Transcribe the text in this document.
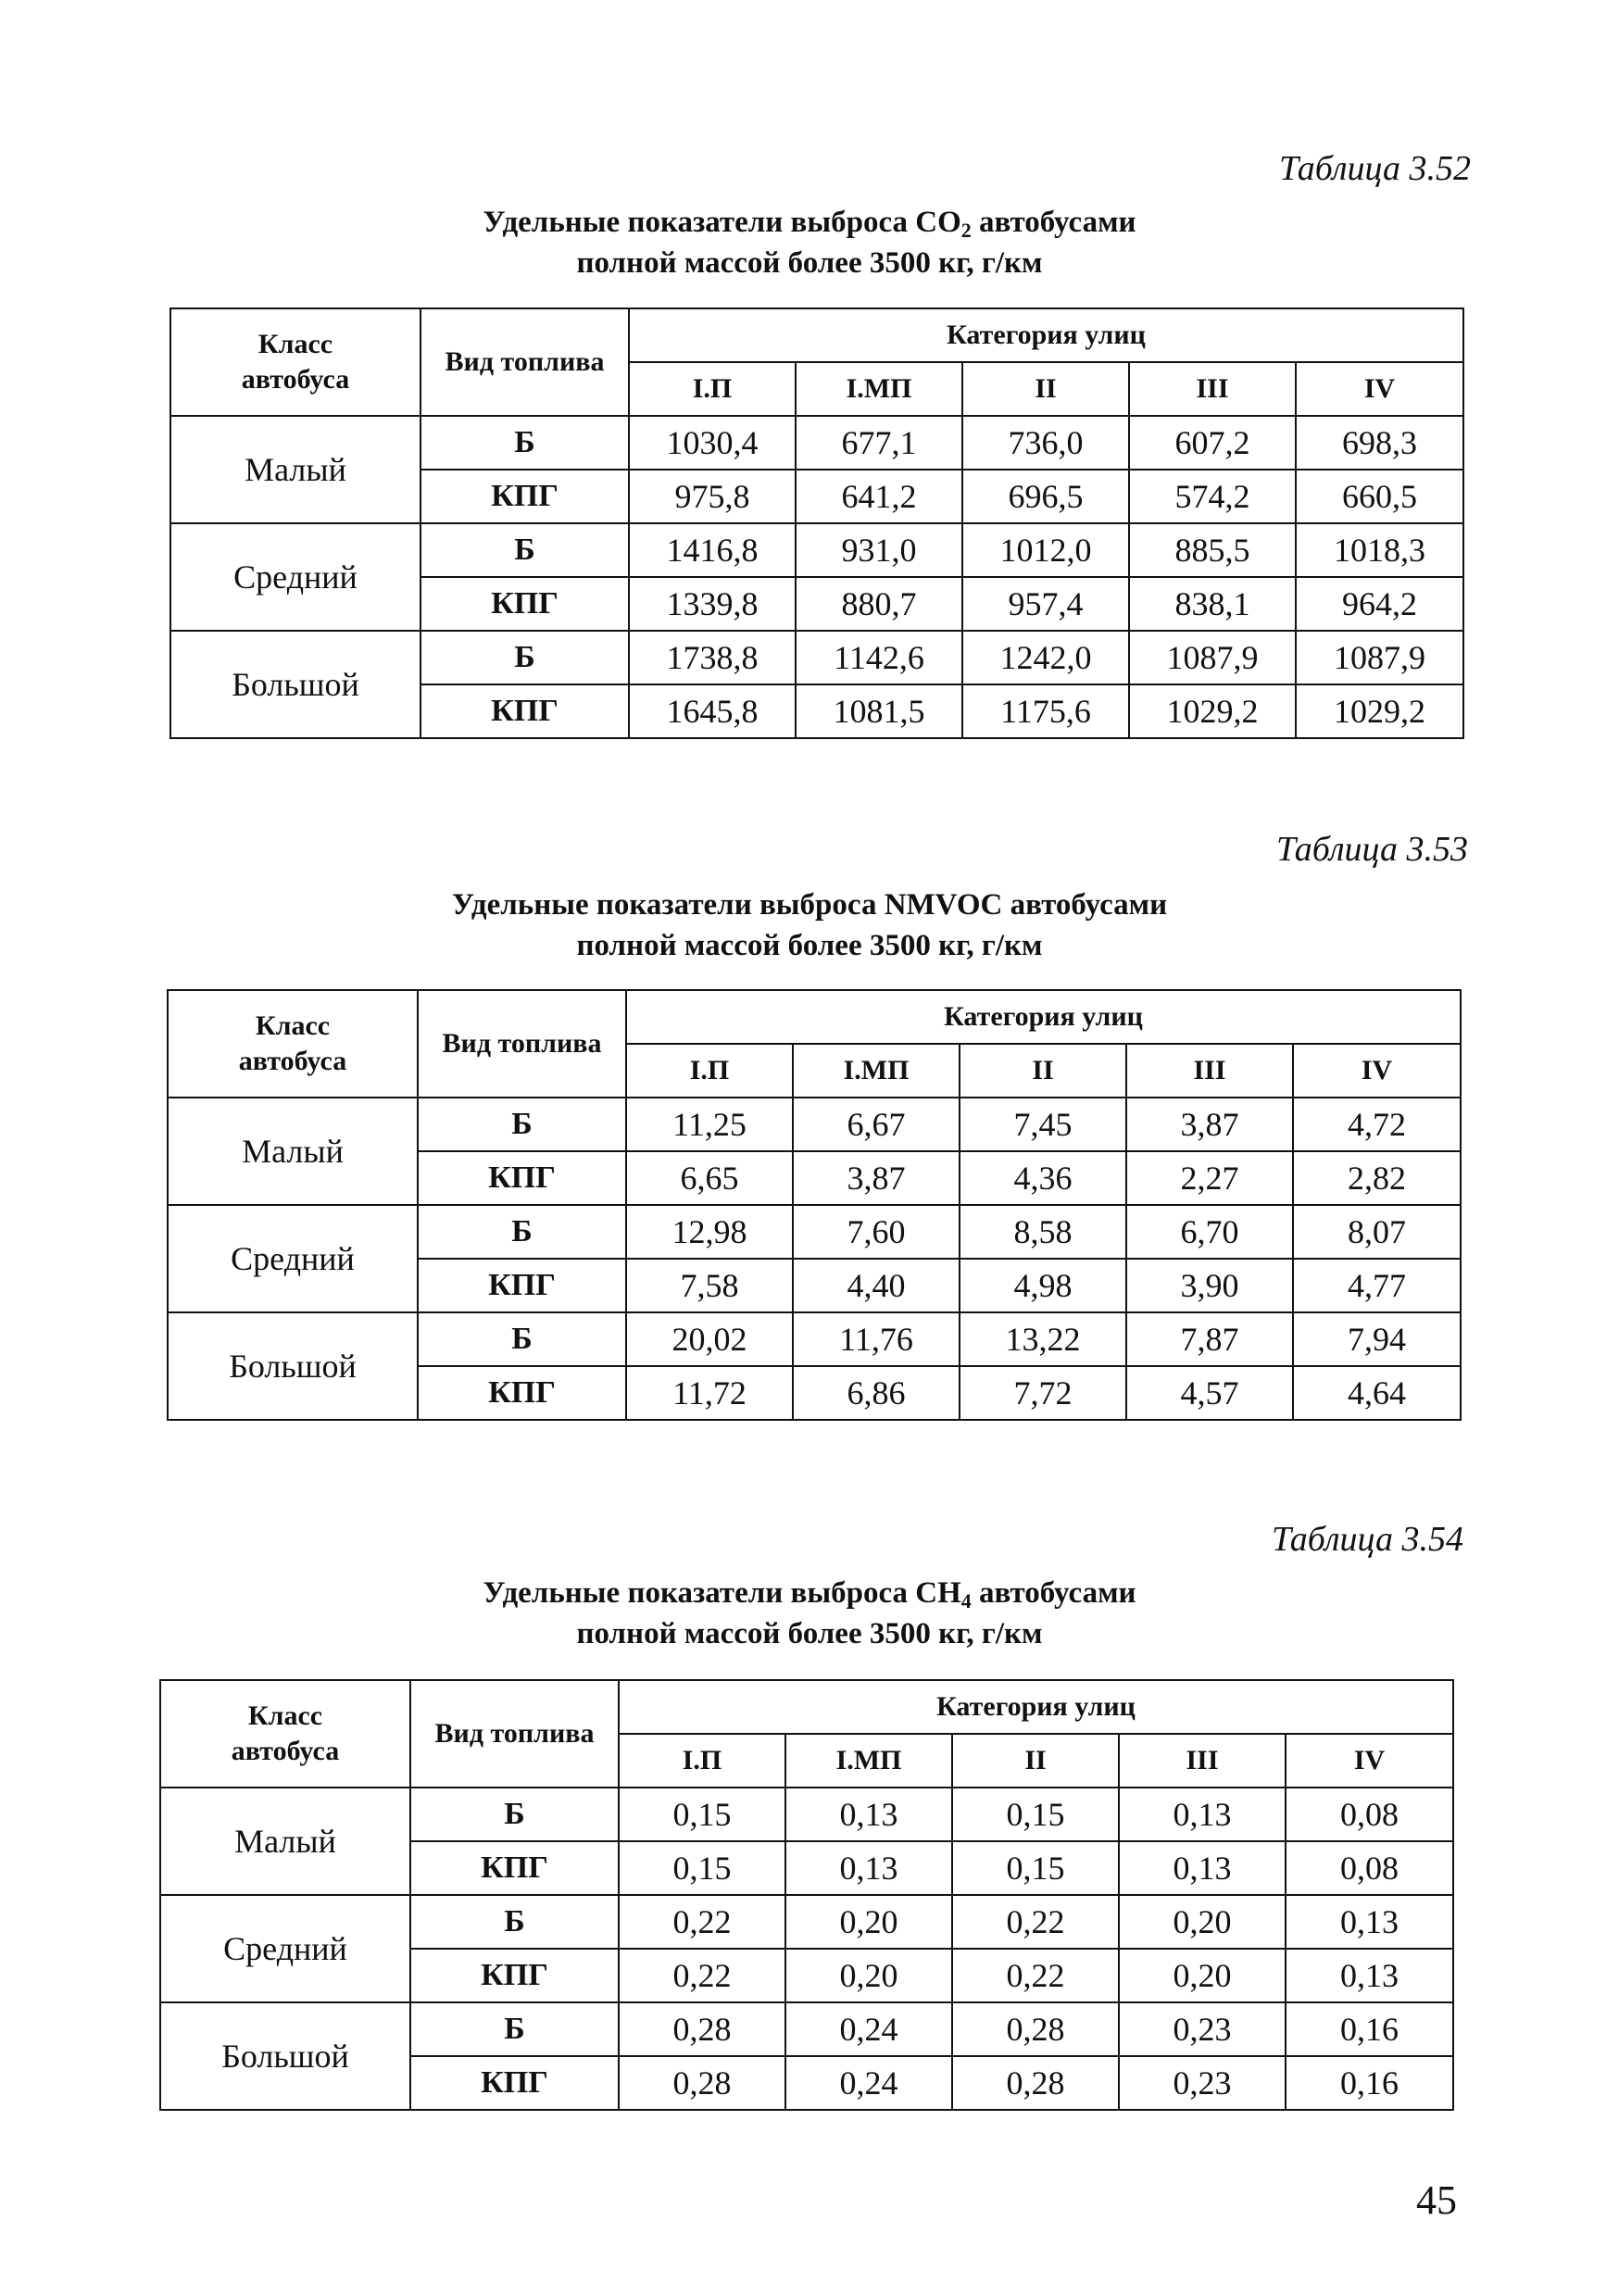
Таблица 3.52
Удельные показатели выброса $CO_2$ автобусами
полной массой более 3500 кг, г/км
Класс
автобуса	Вид топлива	Категория улиц				
		I.П	I.МП	II	III	IV
Малый	Б	1030,4	677,1	736,0	607,2	698,3
	КПГ	975,8	641,2	696,5	574,2	660,5
Средний	Б	1416,8	931,0	1012,0	885,5	1018,3
	КПГ	1339,8	880,7	957,4	838,1	964,2
Большой	Б	1738,8	1142,6	1242,0	1087,9	1087,9
	КПГ	1645,8	1081,5	1175,6	1029,2	1029,2
Таблица 3.53
Удельные показатели выброса NMVOC автобусами
полной массой более 3500 кг, г/км
Класс
автобуса	Вид топлива	Категория улиц				
		I.П	I.МП	II	III	IV
Малый	Б	11,25	6,67	7,45	3,87	4,72
	КПГ	6,65	3,87	4,36	2,27	2,82
Средний	Б	12,98	7,60	8,58	6,70	8,07
	КПГ	7,58	4,40	4,98	3,90	4,77
Большой	Б	20,02	11,76	13,22	7,87	7,94
	КПГ	11,72	6,86	7,72	4,57	4,64
Таблица 3.54
Удельные показатели выброса $CH_4$ автобусами
полной массой более 3500 кг, г/км
Класс
автобуса	Вид топлива	Категория улиц				
		I.П	I.МП	II	III	IV
Малый	Б	0,15	0,13	0,15	0,13	0,08
	КПГ	0,15	0,13	0,15	0,13	0,08
Средний	Б	0,22	0,20	0,22	0,20	0,13
	КПГ	0,22	0,20	0,22	0,20	0,13
Большой	Б	0,28	0,24	0,28	0,23	0,16
	КПГ	0,28	0,24	0,28	0,23	0,16
45
